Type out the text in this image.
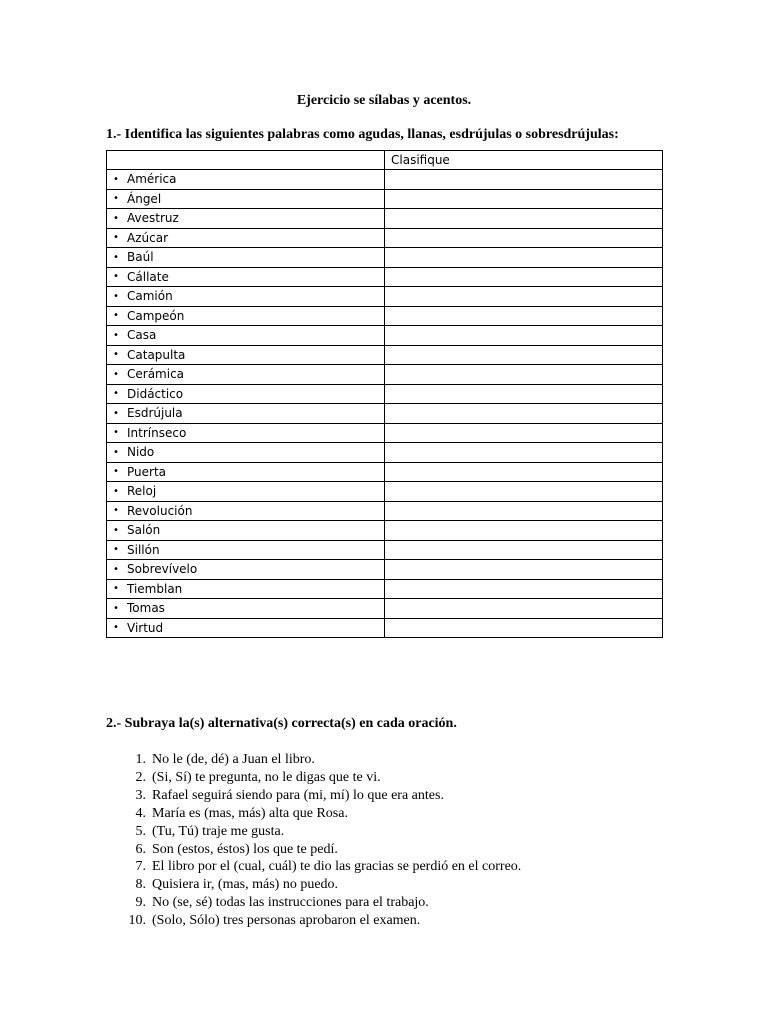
Ejercicio se sílabas y acentos.
1.- Identifica las siguientes palabras como agudas, llanas, esdrújulas o sobresdrújulas:
	Clasifique
• América	
• Ángel	
• Avestruz	
• Azúcar	
• Baúl	
• Cállate	
• Camión	
• Campeón	
• Casa	
• Catapulta	
• Cerámica	
• Didáctico	
• Esdrújula	
• Intrínseco	
• Nido	
• Puerta	
• Reloj	
• Revolución	
• Salón	
• Sillón	
• Sobrevívelo	
• Tiemblan	
• Tomas	
• Virtud	
2.- Subraya la(s) alternativa(s) correcta(s) en cada oración.
1. No le (de, dé) a Juan el libro.
2. (Si, Sí) te pregunta, no le digas que te vi.
3. Rafael seguirá siendo para (mi, mí) lo que era antes.
4. María es (mas, más) alta que Rosa.
5. (Tu, Tú) traje me gusta.
6. Son (estos, éstos) los que te pedí.
7. El libro por el (cual, cuál) te dio las gracias se perdió en el correo.
8. Quisiera ir, (mas, más) no puedo.
9. No (se, sé) todas las instrucciones para el trabajo.
10. (Solo, Sólo) tres personas aprobaron el examen.
